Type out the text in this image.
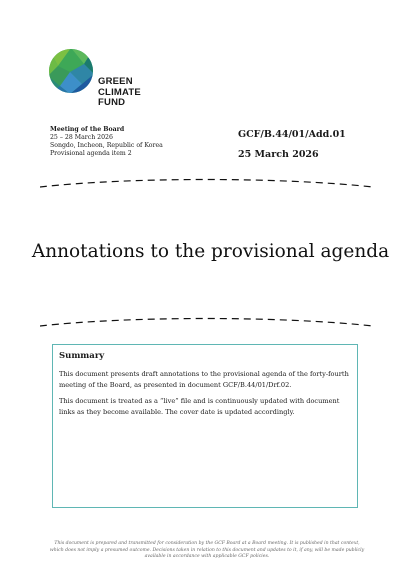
GREEN
CLIMATE
FUND
Meeting of the Board
25 – 28 March 2026
Songdo, Incheon, Republic of Korea
Provisional agenda item 2
GCF/B.44/01/Add.01
25 March 2026
Annotations to the provisional agenda
Summary

This document presents draft annotations to the provisional agenda of the forty-fourth meeting of the Board, as presented in document GCF/B.44/01/Drf.02.

This document is treated as a “live” file and is continuously updated with document links as they become available. The cover date is updated accordingly.

This document is prepared and transmitted for consideration by the GCF Board at a Board meeting. It is published in that context, which does not imply a presumed outcome. Decisions taken in relation to this document and updates to it, if any, will be made publicly available in accordance with applicable GCF policies.
